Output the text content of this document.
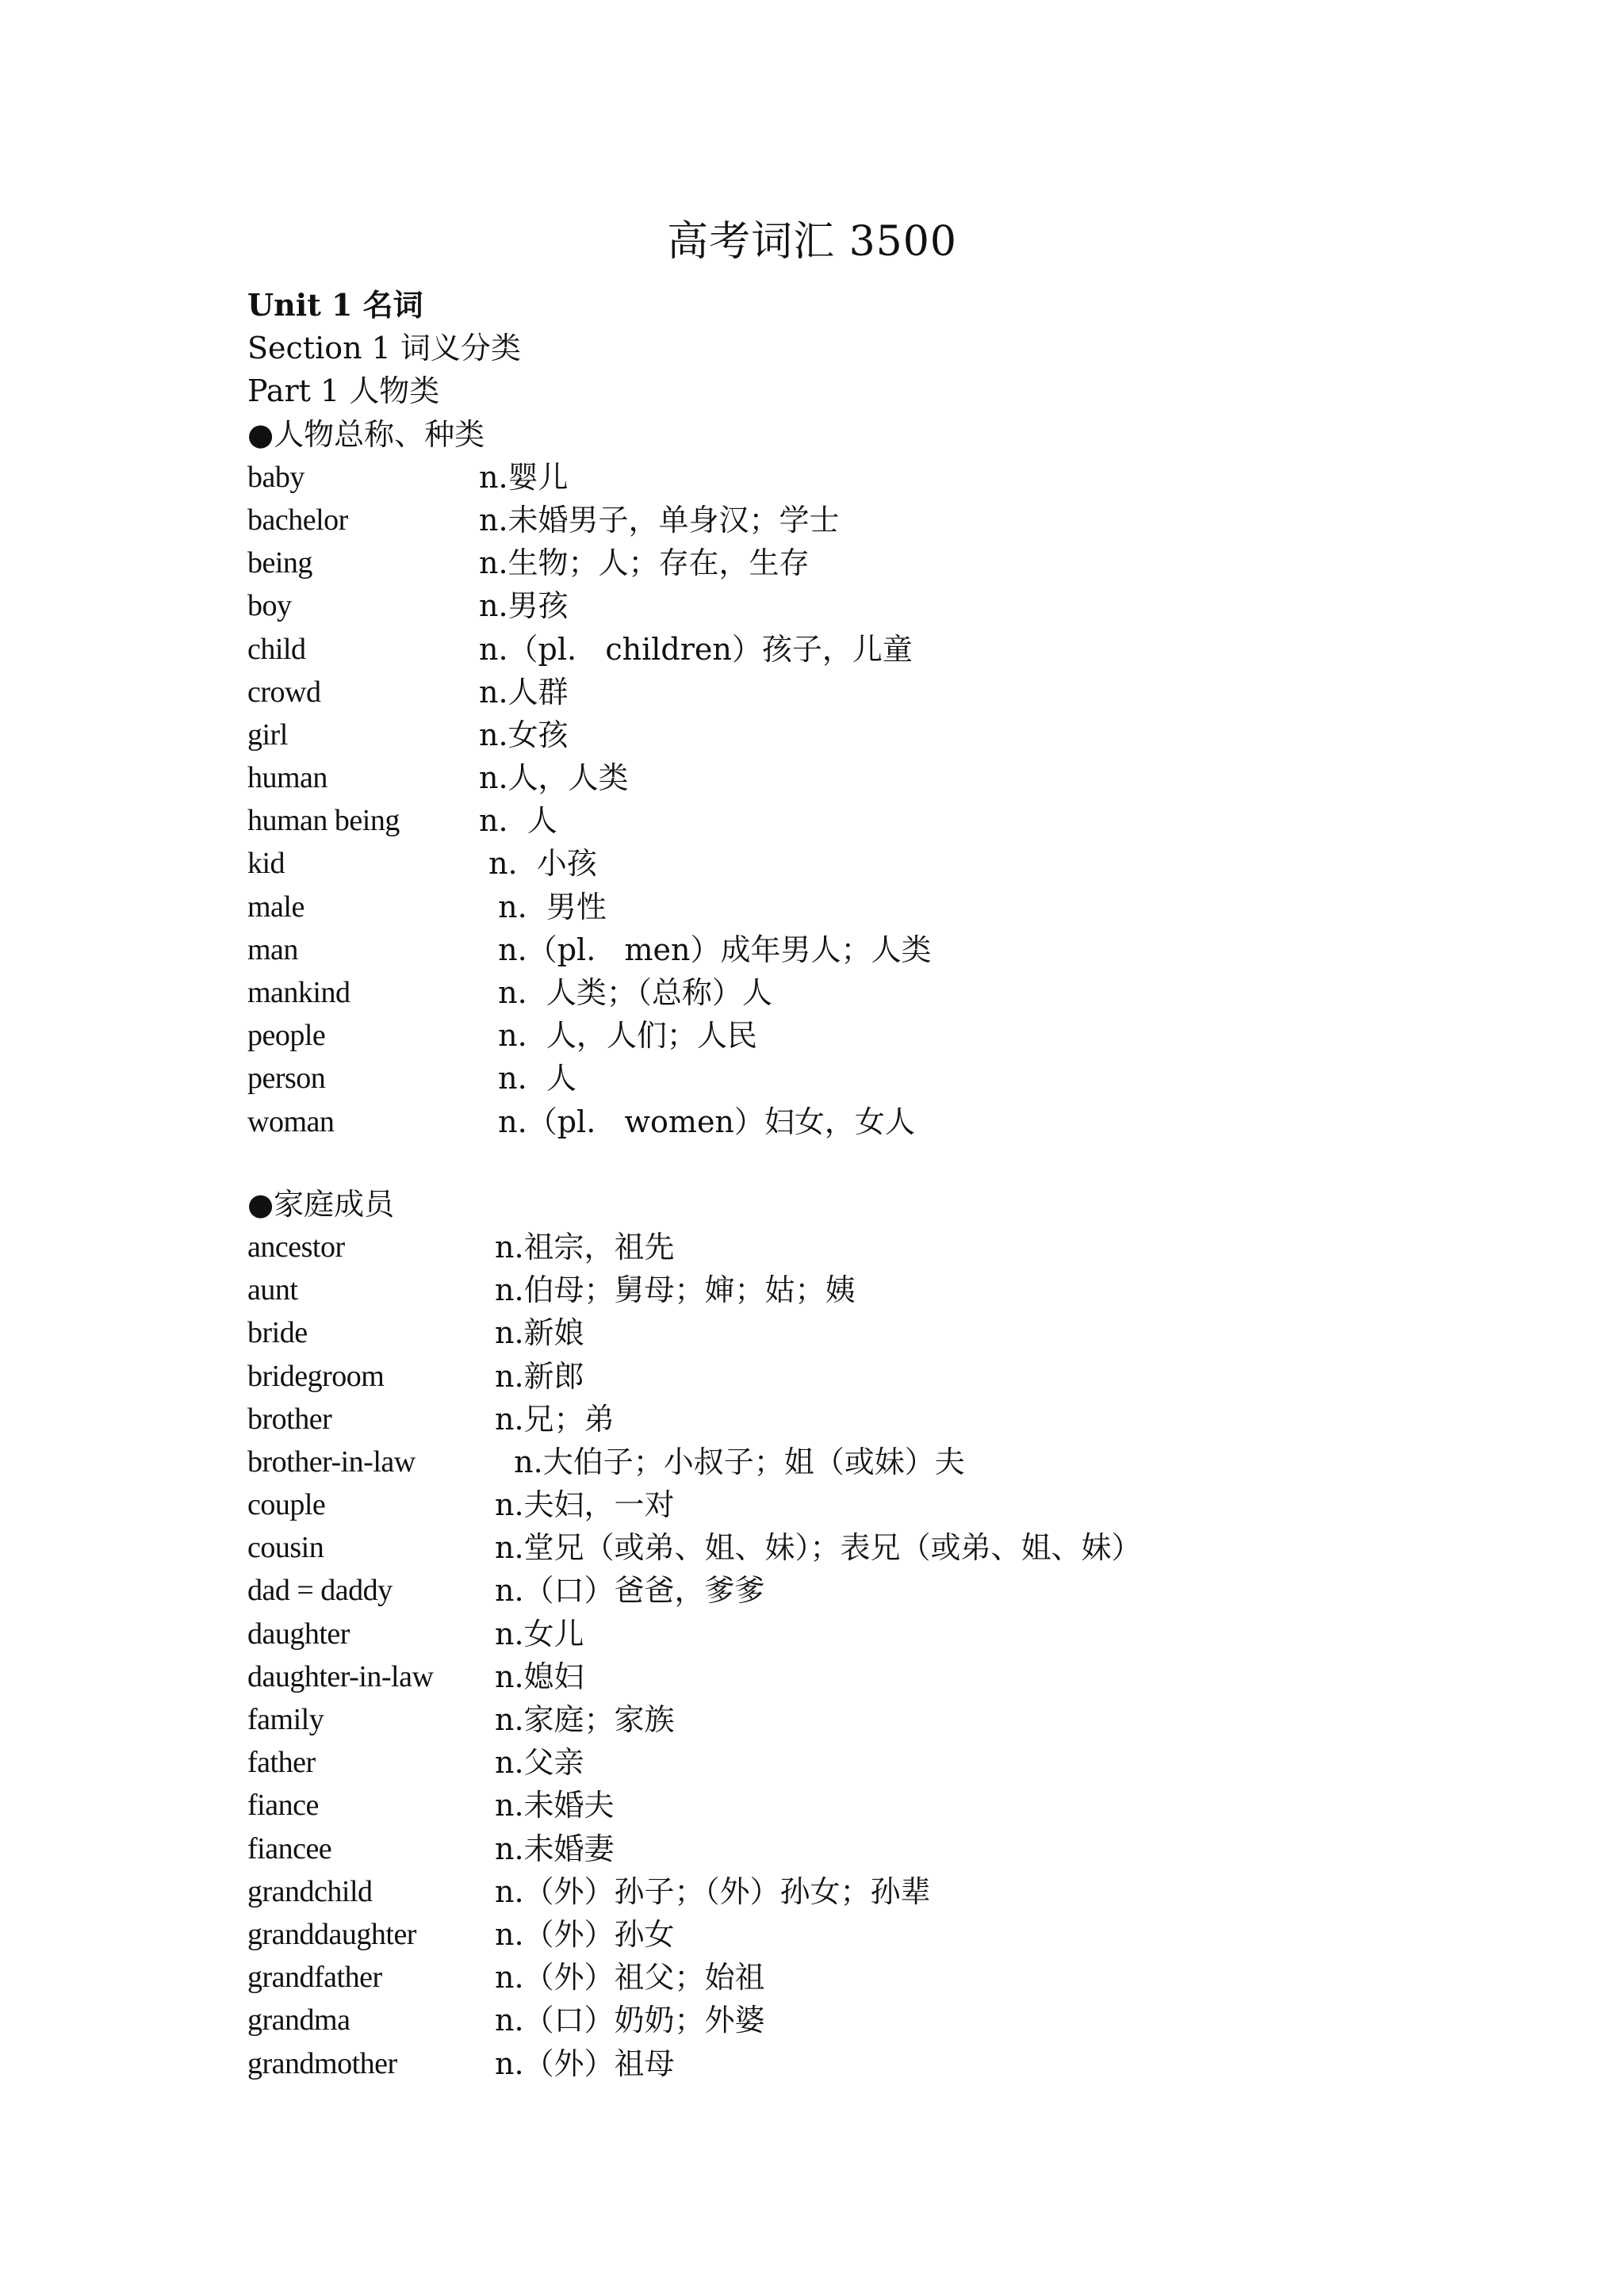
高考词汇 3500
Unit 1 名词
Section 1 词义分类
Part 1 人物类
●人物总称、种类
baby	n.婴儿
bachelor	n.未婚男子，单身汉；学士
being	n.生物；人；存在，生存
boy	n.男孩
child	n.（pl.   children）孩子，儿童
crowd	n.人群
girl	n.女孩
human	n.人，人类
human being	n.  人
kid	n.  小孩
male	n.  男性
man	n.（pl.   men）成年男人；人类
mankind	n.  人类；（总称）人
people	n.  人，人们；人民
person	n.  人
woman	n.（pl.   women）妇女，女人
●家庭成员
ancestor	n.祖宗，祖先
aunt	n.伯母；舅母；婶；姑；姨
bride	n.新娘
bridegroom	n.新郎
brother	n.兄；弟
brother-in-law	n.大伯子；小叔子；姐（或妹）夫
couple	n.夫妇，一对
cousin	n.堂兄（或弟、姐、妹）；表兄（或弟、姐、妹）
dad = daddy	n.（口）爸爸，爹爹
daughter	n.女儿
daughter-in-law	n.媳妇
family	n.家庭；家族
father	n.父亲
fiance	n.未婚夫
fiancee	n.未婚妻
grandchild	n.（外）孙子；（外）孙女；孙辈
granddaughter	n.（外）孙女
grandfather	n.（外）祖父；始祖
grandma	n.（口）奶奶；外婆
grandmother	n.（外）祖母
